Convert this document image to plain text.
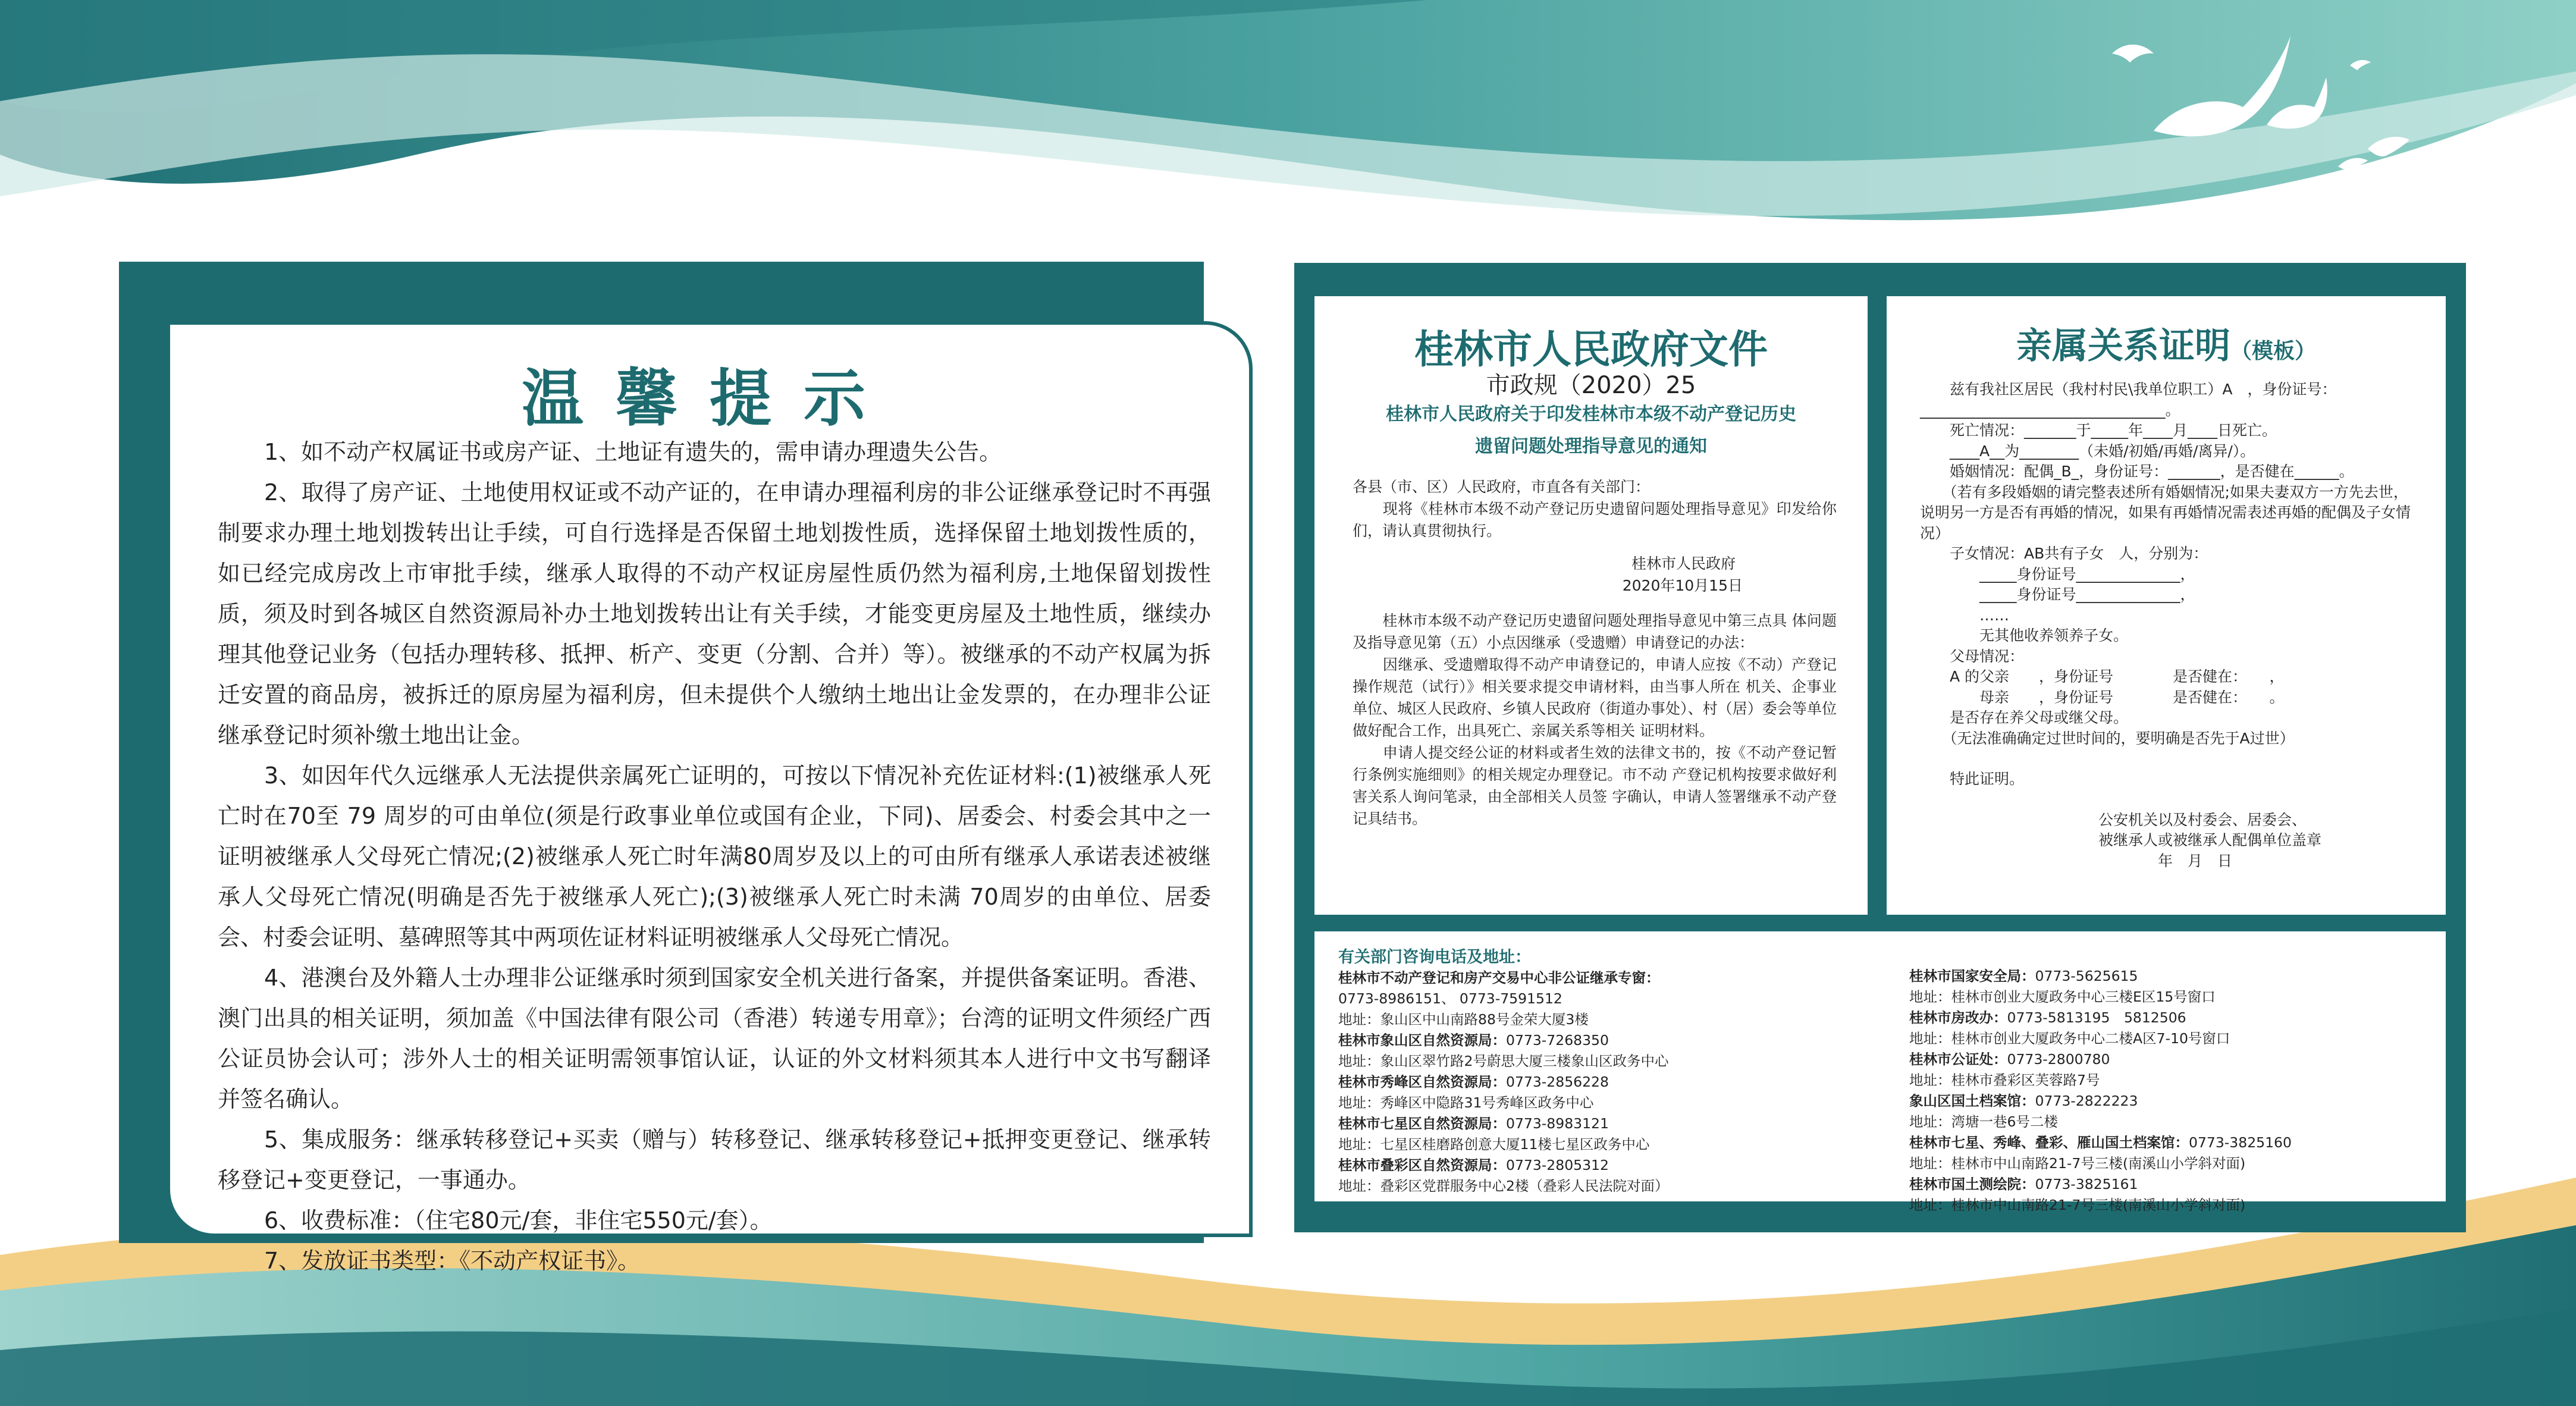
温馨提示

1、如不动产权属证书或房产证、土地证有遗失的，需申请办理遗失公告。

2、取得了房产证、土地使用权证或不动产证的，在申请办理福利房的非公证继承登记时不再强制要求办理土地划拨转出让手续，可自行选择是否保留土地划拨性质，选择保留土地划拨性质的，如已经完成房改上市审批手续，继承人取得的不动产权证房屋性质仍然为福利房,土地保留划拨性质，须及时到各城区自然资源局补办土地划拨转出让有关手续，才能变更房屋及土地性质，继续办理其他登记业务（包括办理转移、抵押、析产、变更（分割、合并）等）。被继承的不动产权属为拆迁安置的商品房，被拆迁的原房屋为福利房，但未提供个人缴纳土地出让金发票的，在办理非公证继承登记时须补缴土地出让金。

3、如因年代久远继承人无法提供亲属死亡证明的，可按以下情况补充佐证材料:(1)被继承人死亡时在70至 79 周岁的可由单位(须是行政事业单位或国有企业，下同)、居委会、村委会其中之一证明被继承人父母死亡情况;(2)被继承人死亡时年满80周岁及以上的可由所有继承人承诺表述被继承人父母死亡情况(明确是否先于被继承人死亡);(3)被继承人死亡时未满 70周岁的由单位、居委会、村委会证明、墓碑照等其中两项佐证材料证明被继承人父母死亡情况。

4、港澳台及外籍人士办理非公证继承时须到国家安全机关进行备案，并提供备案证明。香港、澳门出具的相关证明，须加盖《中国法律有限公司（香港）转递专用章》；台湾的证明文件须经广西公证员协会认可；涉外人士的相关证明需领事馆认证，认证的外文材料须其本人进行中文书写翻译并签名确认。

5、集成服务：继承转移登记+买卖（赠与）转移登记、继承转移登记+抵押变更登记、继承转移登记+变更登记，一事通办。

6、收费标准：（住宅80元/套，非住宅550元/套）。

7、发放证书类型：《不动产权证书》。

桂林市人民政府文件
市政规（2020）25
桂林市人民政府关于印发桂林市本级不动产登记历史
遗留问题处理指导意见的通知

各县（市、区）人民政府，市直各有关部门：

　　现将《桂林市本级不动产登记历史遗留问题处理指导意见》印发给你们，请认真贯彻执行。

桂林市人民政府

2020年10月15日

　　桂林市本级不动产登记历史遗留问题处理指导意见中第三点具 体问题及指导意见第（五）小点因继承（受遗赠）申请登记的办法：

　　因继承、受遗赠取得不动产申请登记的，申请人应按《不动）产登记操作规范（试行）》相关要求提交申请材料，由当事人所在 机关、企事业单位、城区人民政府、乡镇人民政府（街道办事处）、村（居）委会等单位做好配合工作，出具死亡、亲属关系等相关 证明材料。

　　申请人提交经公证的材料或者生效的法律文书的，按《不动产登记暂行条例实施细则》的相关规定办理登记。市不动 产登记机构按要求做好利害关系人询问笔录，由全部相关人员签 字确认，申请人签署继承不动产登记具结书。

亲属关系证明（模板）

　　兹有我社区居民（我村村民\我单位职工）A　，身份证号：_________________________________。

　　死亡情况：_______于_____年____月____日死亡。

　　____A__为________（未婚/初婚/再婚/离异/）。

　　婚姻情况：配偶_B_，身份证号：_______，是否健在______。

　　（若有多段婚姻的请完整表述所有婚姻情况;如果夫妻双方一方先去世，说明另一方是否有再婚的情况，如果有再婚情况需表述再婚的配偶及子女情况）

　　子女情况：AB共有子女　人，分别为：

　　　　_____身份证号______________，

　　　　_____身份证号______________，

　　　　……

　　　　无其他收养领养子女。

　　父母情况：

　　A 的父亲　　，身份证号　　　　是否健在：　　，

　　　　母亲　　，身份证号　　　　是否健在：　　。

　　是否存在养父母或继父母。

　　（无法准确确定过世时间的，要明确是否先于A过世）

　　特此证明。

　　　　　　　　　　　　公安机关以及村委会、居委会、

　　　　　　　　　　　　被继承人或被继承人配偶单位盖章

　　　　　　　　　　　　　　　　年　月　日

有关部门咨询电话及地址：

桂林市不动产登记和房产交易中心非公证继承专窗：

0773-8986151、 0773-7591512

地址：象山区中山南路88号金荣大厦3楼

桂林市象山区自然资源局：0773-7268350

地址：象山区翠竹路2号蔚思大厦三楼象山区政务中心

桂林市秀峰区自然资源局：0773-2856228

地址：秀峰区中隐路31号秀峰区政务中心

桂林市七星区自然资源局：0773-8983121

地址：七星区桂磨路创意大厦11楼七星区政务中心

桂林市叠彩区自然资源局：0773-2805312

地址：叠彩区党群服务中心2楼（叠彩人民法院对面）

桂林市国家安全局：0773-5625615

地址：桂林市创业大厦政务中心三楼E区15号窗口

桂林市房改办：0773-5813195　5812506

地址：桂林市创业大厦政务中心二楼A区7-10号窗口

桂林市公证处：0773-2800780

地址：桂林市叠彩区芙蓉路7号

象山区国土档案馆：0773-2822223

地址：湾塘一巷6号二楼

桂林市七星、秀峰、叠彩、雁山国土档案馆：0773-3825160

地址：桂林市中山南路21-7号三楼(南溪山小学斜对面)

桂林市国土测绘院：0773-3825161

地址：桂林市中山南路21-7号三楼(南溪山小学斜对面)
